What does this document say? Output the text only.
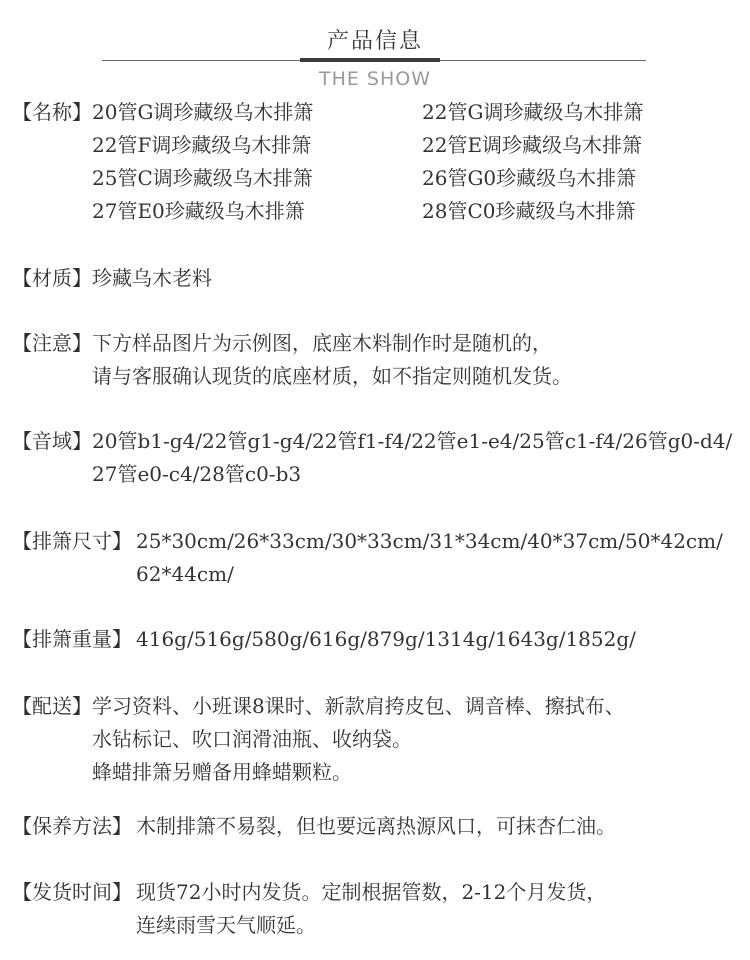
产品信息
THE SHOW
【名称】 20管G调珍藏级乌木排箫	22管G调珍藏级乌木排箫
22管F调珍藏级乌木排箫	22管E调珍藏级乌木排箫
25管C调珍藏级乌木排箫	26管G0珍藏级乌木排箫
27管E0珍藏级乌木排箫	28管C0珍藏级乌木排箫
【材质】 珍藏乌木老料
【注意】 下方样品图片为示例图，底座木料制作时是随机的，
请与客服确认现货的底座材质，如不指定则随机发货。
【音域】 20管b1-g4/22管g1-g4/22管f1-f4/22管e1-e4/25管c1-f4/26管g0-d4/
27管e0-c4/28管c0-b3
【排箫尺寸】 25*30cm/26*33cm/30*33cm/31*34cm/40*37cm/50*42cm/
62*44cm/
【排箫重量】 416g/516g/580g/616g/879g/1314g/1643g/1852g/
【配送】 学习资料、小班课8课时、新款肩挎皮包、调音棒、擦拭布、
水钻标记、吹口润滑油瓶、收纳袋。
蜂蜡排箫另赠备用蜂蜡颗粒。
【保养方法】 木制排箫不易裂，但也要远离热源风口，可抹杏仁油。
【发货时间】 现货72小时内发货。定制根据管数，2-12个月发货，
连续雨雪天气顺延。
